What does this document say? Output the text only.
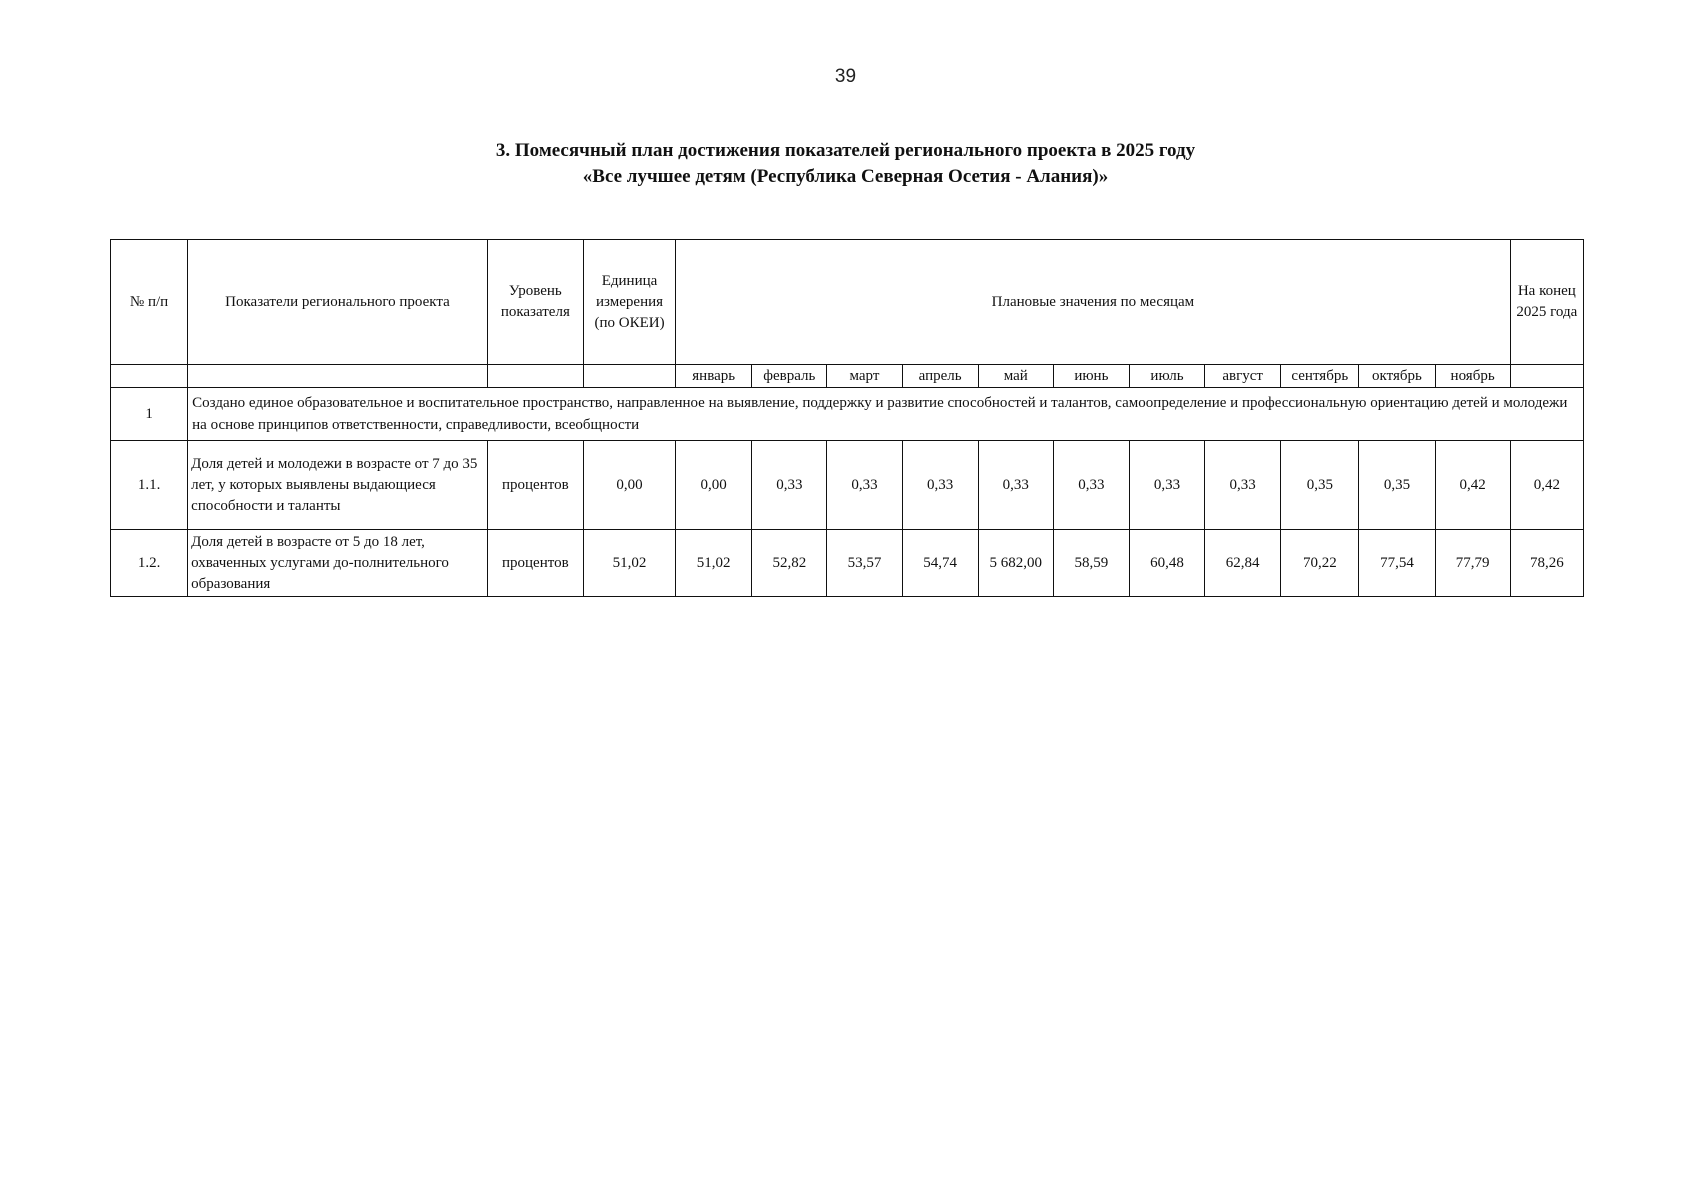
39
3. Помесячный план достижения показателей регионального проекта в 2025 году
«Все лучшее детям (Республика Северная Осетия - Алания)»
№ п/п	Показатели регионального проекта	Уровень показателя	Единица измерения (по ОКЕИ)	Плановые значения по месяцам											На конец 2025 года
				январь	февраль	март	апрель	май	июнь	июль	август	сентябрь	октябрь	ноябрь	
1	Создано единое образовательное и воспитательное пространство, направленное на выявление, поддержку и развитие способностей и талантов, самоопределение и профессиональную ориентацию детей и молодежи на основе принципов ответственности, справедливости, всеобщности														
1.1.	Доля детей и молодежи в возрасте от 7 до 35 лет, у которых выявлены выдающиеся способности и таланты	процентов	0,00	0,00	0,33	0,33	0,33	0,33	0,33	0,33	0,33	0,35	0,35	0,42	0,42
1.2.	Доля детей в возрасте от 5 до 18 лет, охваченных услугами до-полнительного образования	процентов	51,02	51,02	52,82	53,57	54,74	5 682,00	58,59	60,48	62,84	70,22	77,54	77,79	78,26
